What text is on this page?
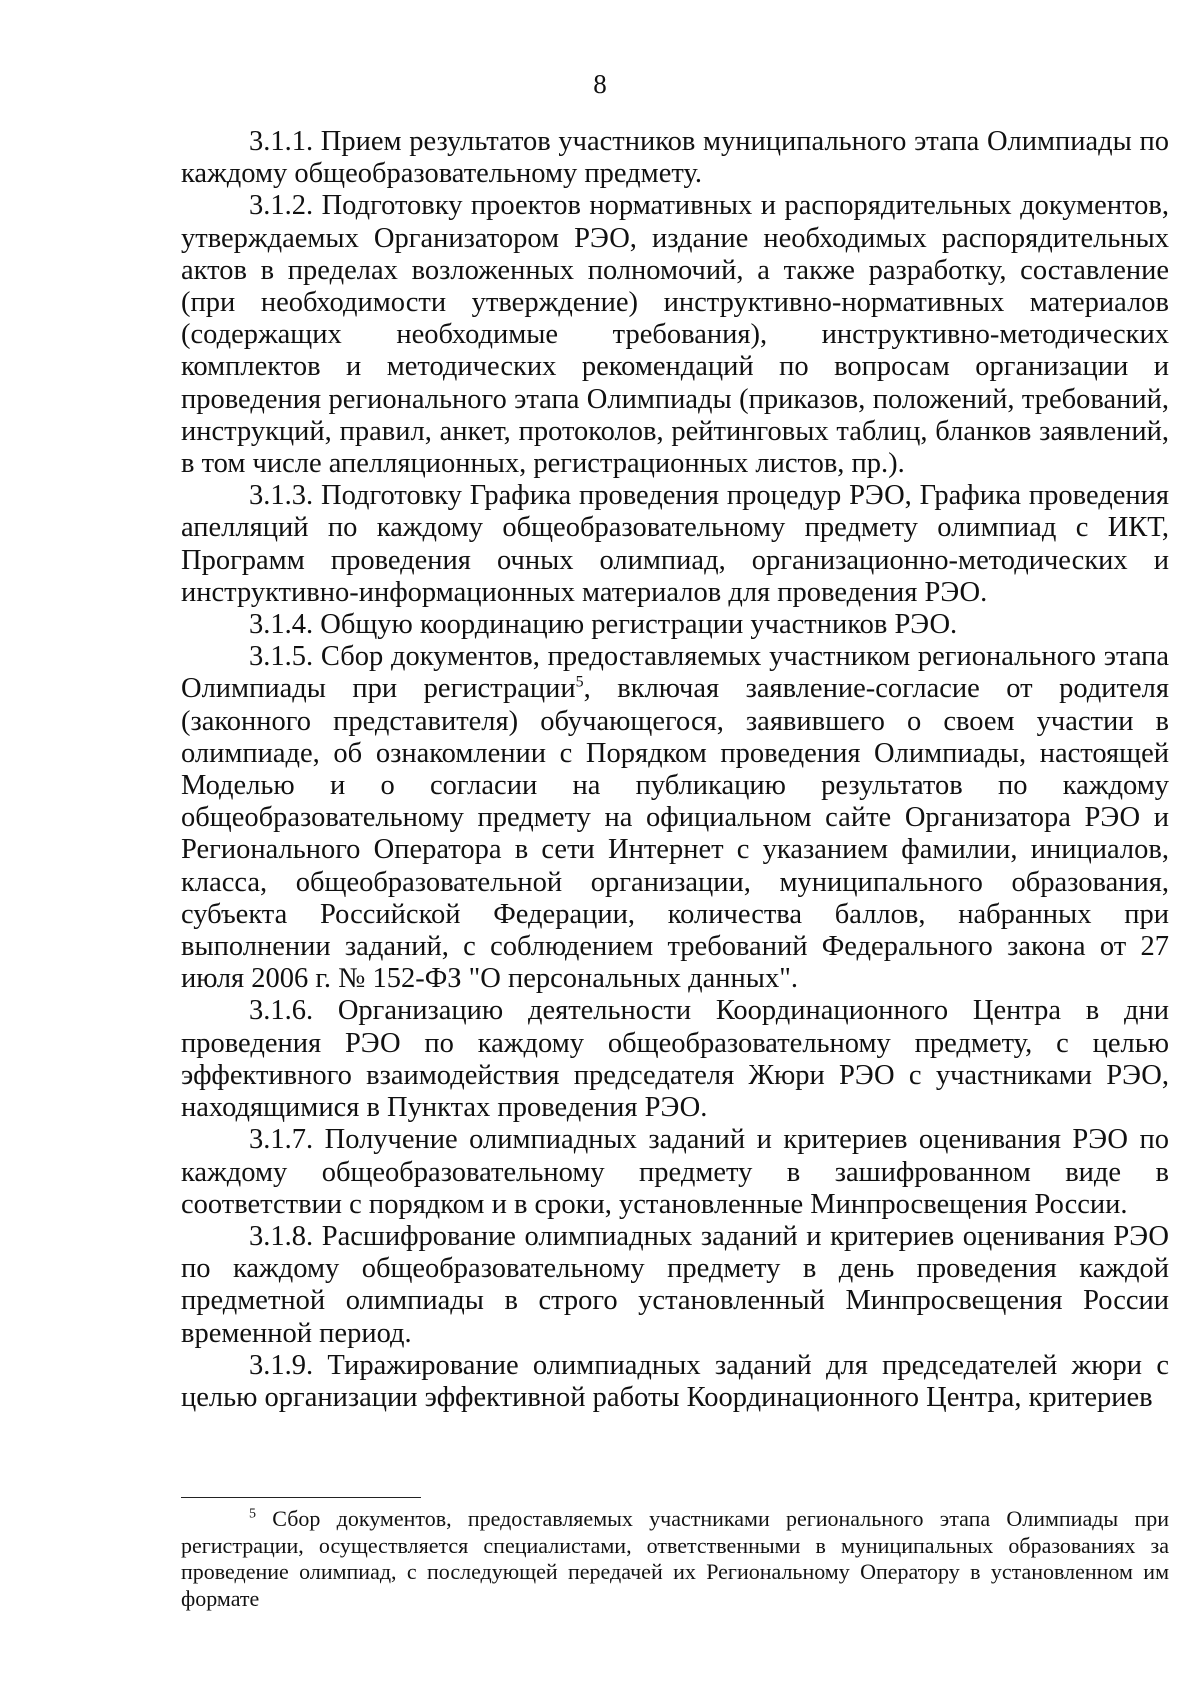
8

3.1.1. Прием результатов участников муниципального этапа Олимпиады по каждому общеобразовательному предмету.

3.1.2. Подготовку проектов нормативных и распорядительных документов, утверждаемых Организатором РЭО, издание необходимых распорядительных актов в пределах возложенных полномочий, а также разработку, составление (при необходимости утверждение) инструктивно-нормативных материалов (содержащих необходимые требования), инструктивно-методических комплектов и методических рекомендаций по вопросам организации и проведения регионального этапа Олимпиады (приказов, положений, требований, инструкций, правил, анкет, протоколов, рейтинговых таблиц, бланков заявлений, в том числе апелляционных, регистрационных листов, пр.).

3.1.3. Подготовку Графика проведения процедур РЭО, Графика проведения апелляций по каждому общеобразовательному предмету олимпиад с ИКТ, Программ проведения очных олимпиад, организационно-методических и инструктивно-информационных материалов для проведения РЭО.

3.1.4. Общую координацию регистрации участников РЭО.

3.1.5. Сбор документов, предоставляемых участником регионального этапа Олимпиады при регистрации$^5$, включая заявление-согласие от родителя (законного представителя) обучающегося, заявившего о своем участии в олимпиаде, об ознакомлении с Порядком проведения Олимпиады, настоящей Моделью и о согласии на публикацию результатов по каждому общеобразовательному предмету на официальном сайте Организатора РЭО и Регионального Оператора в сети Интернет с указанием фамилии, инициалов, класса, общеобразовательной организации, муниципального образования, субъекта Российской Федерации, количества баллов, набранных при выполнении заданий, с соблюдением требований Федерального закона от 27 июля 2006 г. № 152-ФЗ "О персональных данных".

3.1.6. Организацию деятельности Координационного Центра в дни проведения РЭО по каждому общеобразовательному предмету, с целью эффективного взаимодействия председателя Жюри РЭО с участниками РЭО, находящимися в Пунктах проведения РЭО.

3.1.7. Получение олимпиадных заданий и критериев оценивания РЭО по каждому общеобразовательному предмету в зашифрованном виде в соответствии с порядком и в сроки, установленные Минпросвещения России.

3.1.8. Расшифрование олимпиадных заданий и критериев оценивания РЭО по каждому общеобразовательному предмету в день проведения каждой предметной олимпиады в строго установленный Минпросвещения России временной период.

3.1.9. Тиражирование олимпиадных заданий для председателей жюри с целью организации эффективной работы Координационного Центра, критериев

$^5$ Сбор документов, предоставляемых участниками регионального этапа Олимпиады при регистрации, осуществляется специалистами, ответственными в муниципальных образованиях за проведение олимпиад, с последующей передачей их Региональному Оператору в установленном им формате
